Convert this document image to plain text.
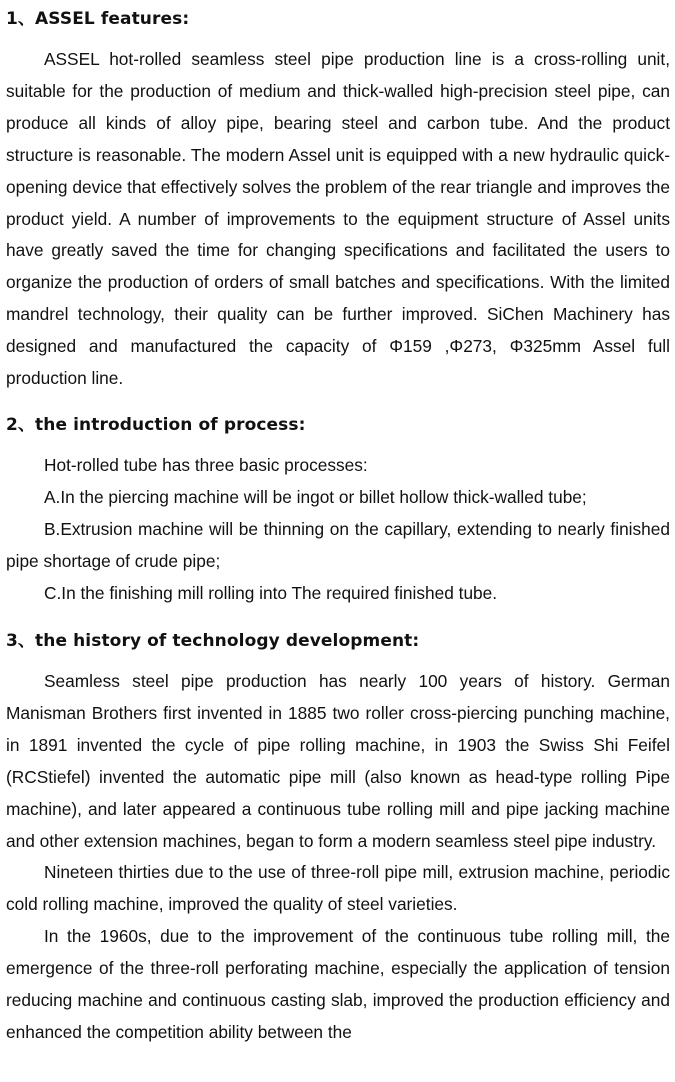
1、ASSEL features:

ASSEL hot-rolled seamless steel pipe production line is a cross-rolling unit, suitable for the production of medium and thick-walled high-precision steel pipe, can produce all kinds of alloy pipe, bearing steel and carbon tube. And the product structure is reasonable. The modern Assel unit is equipped with a new hydraulic quick-opening device that effectively solves the problem of the rear triangle and improves the product yield. A number of improvements to the equipment structure of Assel units have greatly saved the time for changing specifications and facilitated the users to organize the production of orders of small batches and specifications. With the limited mandrel technology, their quality can be further improved. SiChen Machinery has designed and manufactured the capacity of Φ159 ,Φ273, Φ325mm Assel full production line.

2、the introduction of process:

Hot-rolled tube has three basic processes:

A.In the piercing machine will be ingot or billet hollow thick-walled tube;

B.Extrusion machine will be thinning on the capillary, extending to nearly finished pipe shortage of crude pipe;

C.In the finishing mill rolling into The required finished tube.

3、the history of technology development:

Seamless steel pipe production has nearly 100 years of history. German Manisman Brothers first invented in 1885 two roller cross-piercing punching machine, in 1891 invented the cycle of pipe rolling machine, in 1903 the Swiss Shi Feifel (RCStiefel) invented the automatic pipe mill (also known as head-type rolling Pipe machine), and later appeared a continuous tube rolling mill and pipe jacking machine and other extension machines, began to form a modern seamless steel pipe industry.

Nineteen thirties due to the use of three-roll pipe mill, extrusion machine, periodic cold rolling machine, improved the quality of steel varieties.

In the 1960s, due to the improvement of the continuous tube rolling mill, the emergence of the three-roll perforating machine, especially the application of tension reducing machine and continuous casting slab, improved the production efficiency and enhanced the competition ability between the
